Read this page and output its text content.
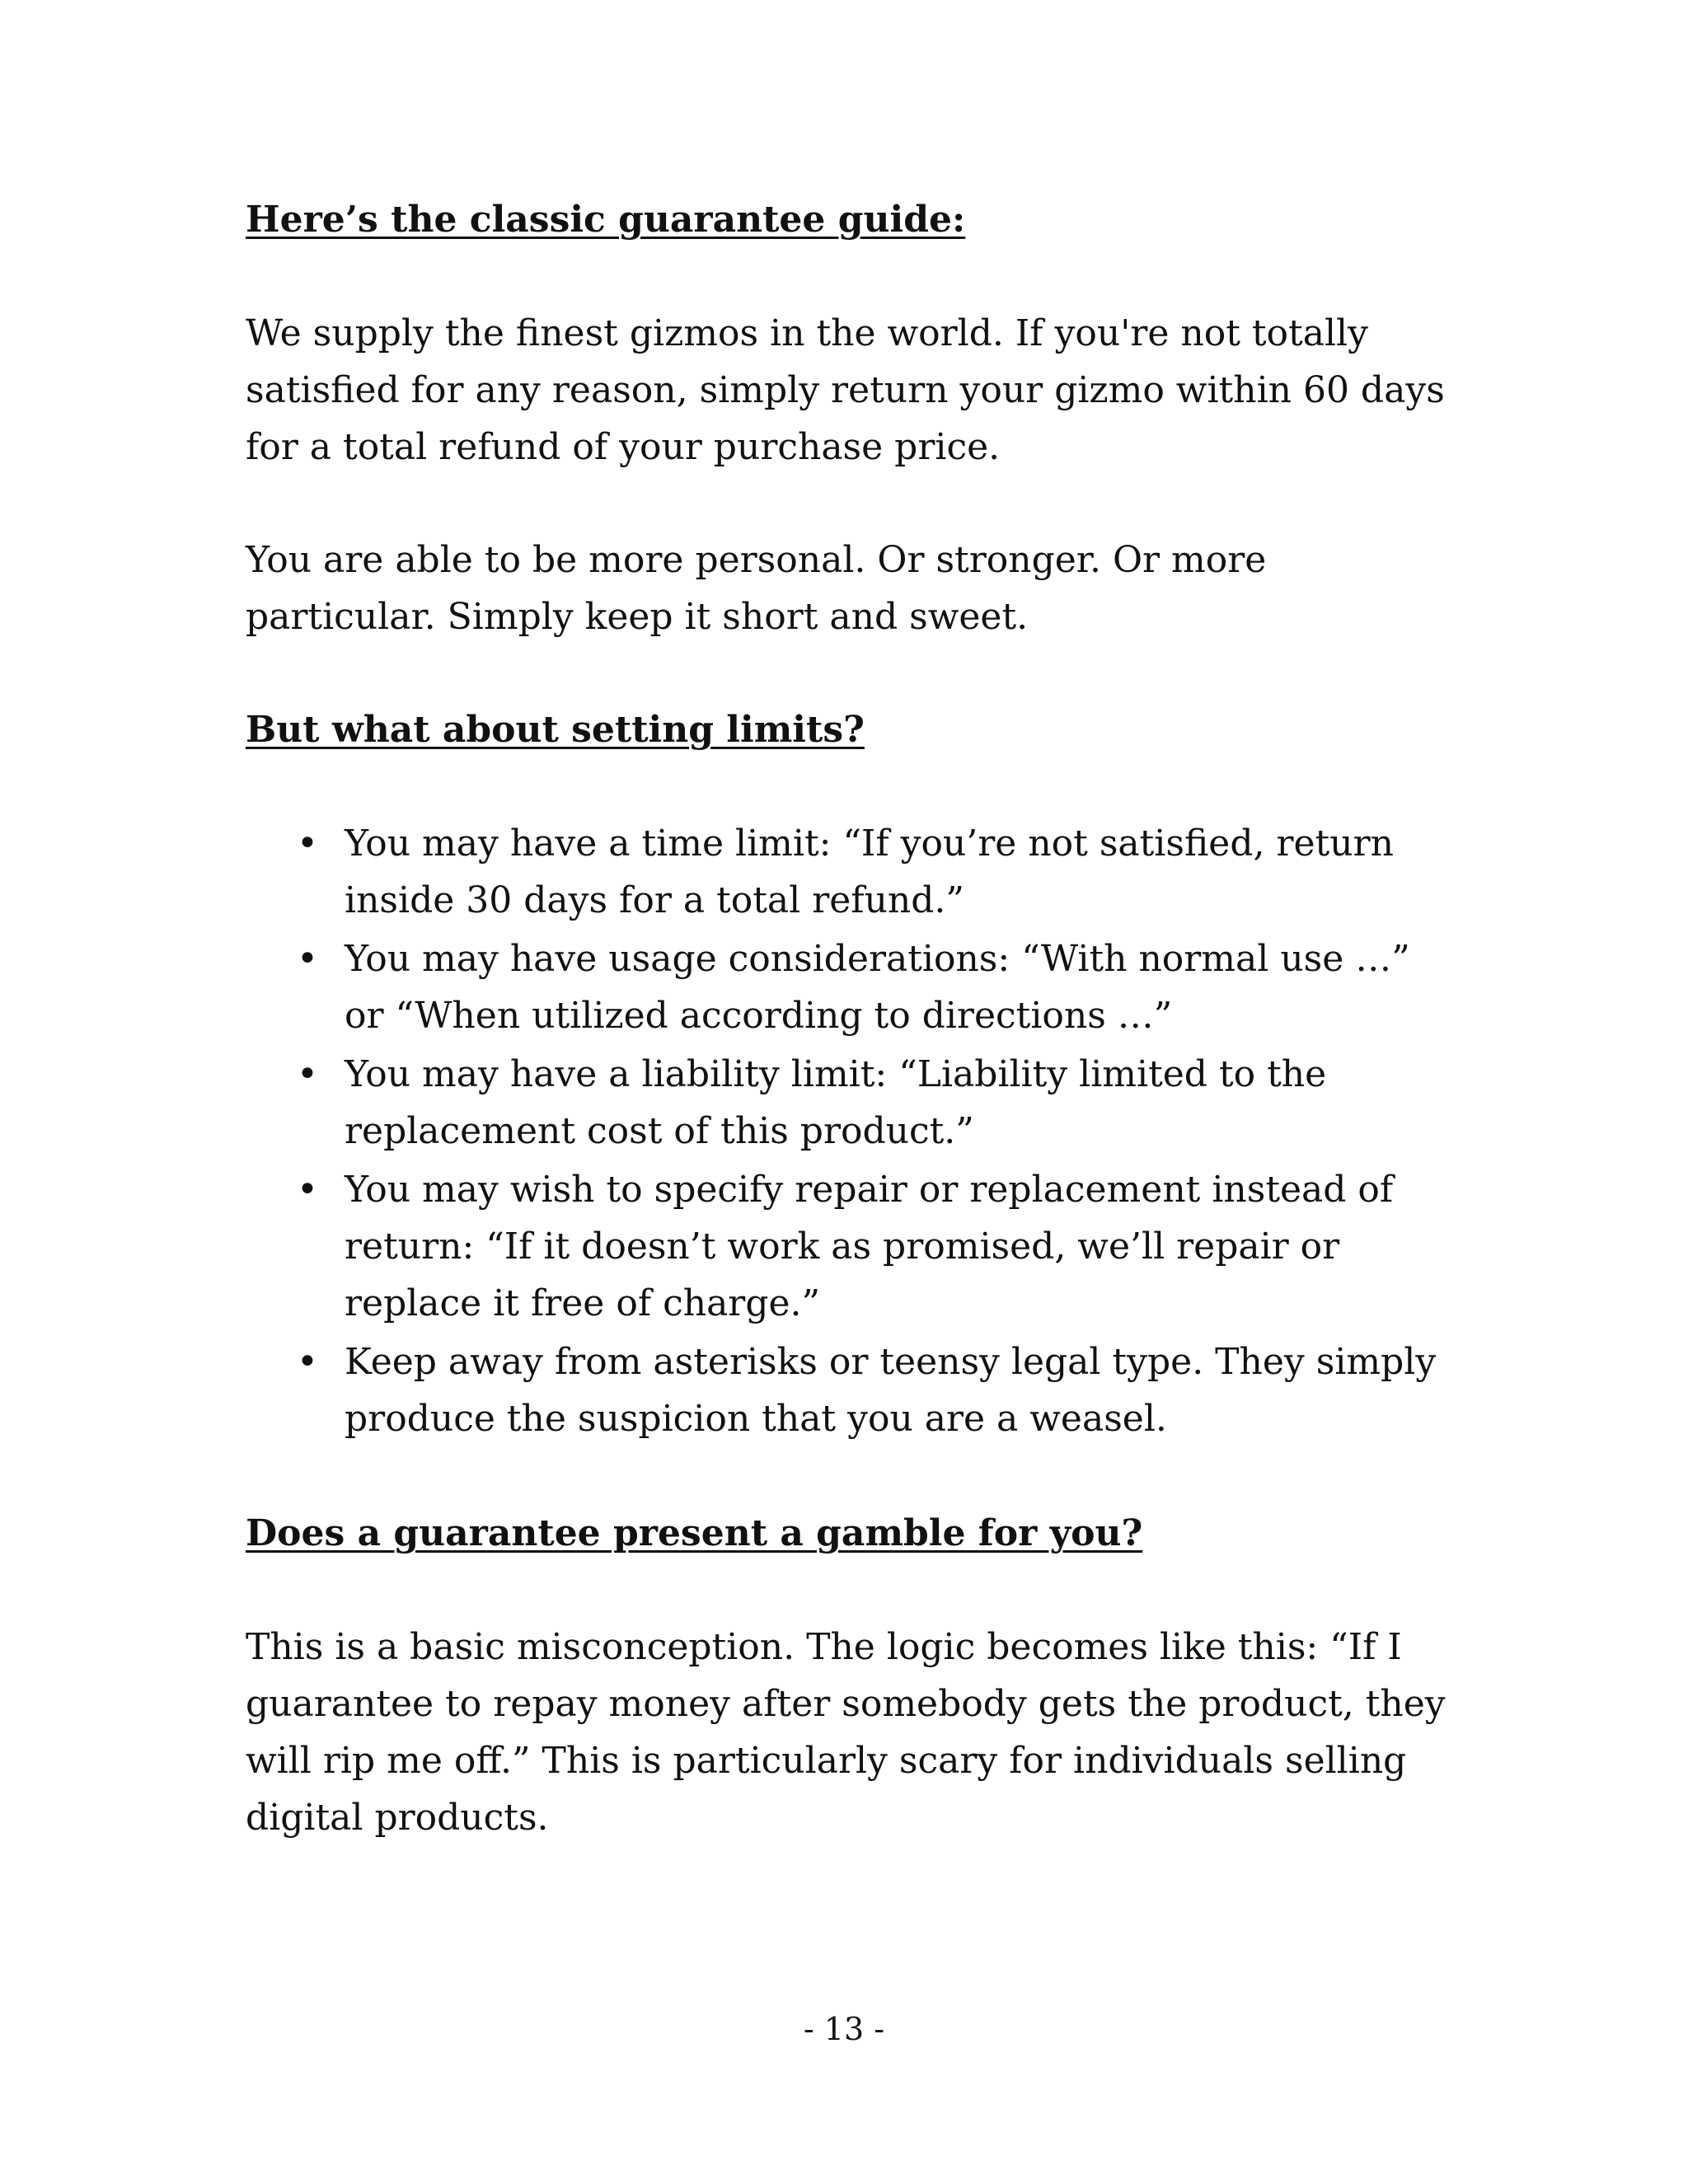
Here’s the classic guarantee guide:

We supply the finest gizmos in the world. If you're not totally satisfied for any reason, simply return your gizmo within 60 days for a total refund of your purchase price.

You are able to be more personal. Or stronger. Or more particular. Simply keep it short and sweet.

But what about setting limits?
• You may have a time limit: “If you’re not satisfied, return inside 30 days for a total refund.”
• You may have usage considerations: “With normal use …” or “When utilized according to directions …”
• You may have a liability limit: “Liability limited to the replacement cost of this product.”
• You may wish to specify repair or replacement instead of return: “If it doesn’t work as promised, we’ll repair or replace it free of charge.”
• Keep away from asterisks or teensy legal type. They simply produce the suspicion that you are a weasel.
Does a guarantee present a gamble for you?

This is a basic misconception. The logic becomes like this: “If I guarantee to repay money after somebody gets the product, they will rip me off.” This is particularly scary for individuals selling digital products.

- 13 -
